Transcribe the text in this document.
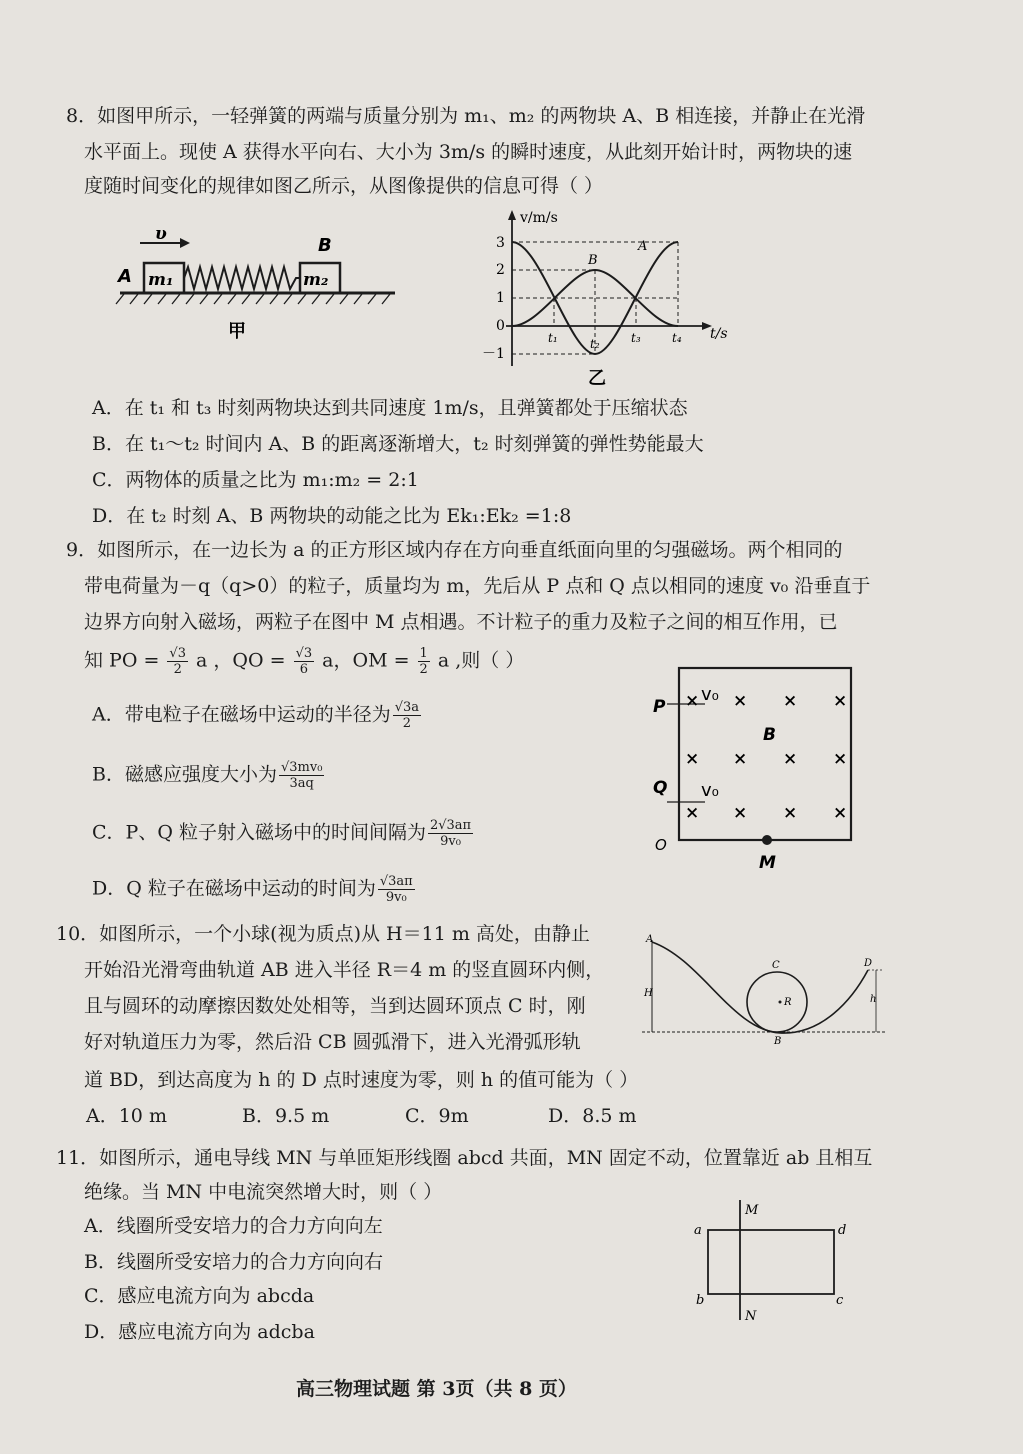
8．如图甲所示，一轻弹簧的两端与质量分别为 m₁、m₂ 的两物块 A、B 相连接，并静止在光滑
水平面上。现使 A 获得水平向右、大小为 3m/s 的瞬时速度，从此刻开始计时，两物块的速
度随时间变化的规律如图乙所示，从图像提供的信息可得（ ）
υ
m₁	m₂
A
B
甲
v/m/s
t/s
3
2
1
0
－1
t₁	t₂	t₃	t₄
A
B
乙
A．在 t₁ 和 t₃ 时刻两物块达到共同速度 1m/s，且弹簧都处于压缩状态
B．在 t₁～t₂ 时间内 A、B 的距离逐渐增大，t₂ 时刻弹簧的弹性势能最大
C．两物体的质量之比为 m₁:m₂ = 2:1
D．在 t₂ 时刻 A、B 两物块的动能之比为 Ek₁:Ek₂ =1:8
9．如图所示，在一边长为 a 的正方形区域内存在方向垂直纸面向里的匀强磁场。两个相同的
带电荷量为－q（q>0）的粒子，质量均为 m，先后从 P 点和 Q 点以相同的速度 v₀ 沿垂直于
边界方向射入磁场，两粒子在图中 M 点相遇。不计粒子的重力及粒子之间的相互作用，已
知 PO = $\frac{√3}{2}$ a ，QO = $\frac{√3}{6}$ a，OM = $\frac{1}{2}$ a ,则（ ）
A．带电粒子在磁场中运动的半径为 $\frac{√3a}{2}$
B．磁感应强度大小为 $\frac{\text{√3mv₀}}{3aq}$
C．P、Q 粒子射入磁场中的时间间隔为 $\frac{2√3a\pi}{\text{9v₀}}$
D．Q 粒子在磁场中运动的时间为 $\frac{√3a\pi}{\text{9v₀}}$
P
Q
O
M
B
v₀
v₀
× × × ×
× × × ×
× × × ×
10．如图所示，一个小球(视为质点)从 H＝11 m 高处，由静止
开始沿光滑弯曲轨道 AB 进入半径 R＝4 m 的竖直圆环内侧，
且与圆环的动摩擦因数处处相等，当到达圆环顶点 C 时，刚
好对轨道压力为零，然后沿 CB 圆弧滑下，进入光滑弧形轨
道 BD，到达高度为 h 的 D 点时速度为零，则 h 的值可能为（ ）
A．10 m	B．9.5 m	C．9m	D．8.5 m
A
H
C
R
B
D
h
11．如图所示，通电导线 MN 与单匝矩形线圈 abcd 共面，MN 固定不动，位置靠近 ab 且相互
绝缘。当 MN 中电流突然增大时，则（ ）
A．线圈所受安培力的合力方向向左
B．线圈所受安培力的合力方向向右
C．感应电流方向为 abcda
D．感应电流方向为 adcba
M
N
a
b	c
d
高三物理试题 第 3页（共 8 页）
